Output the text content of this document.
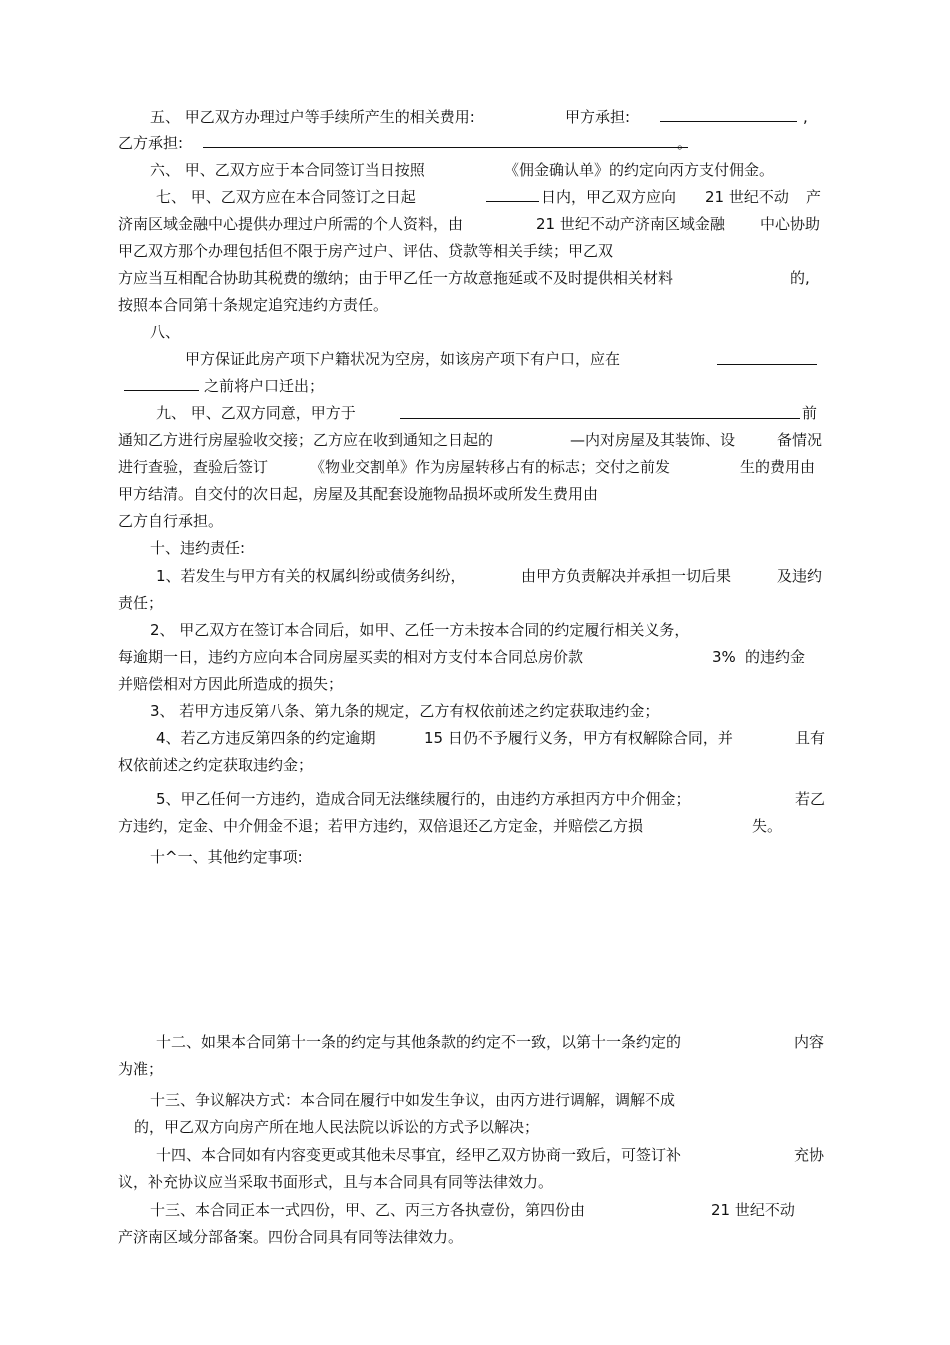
五、 甲乙双方办理过户等手续所产生的相关费用:	甲方承担:	,
乙方承担:	。
六、 甲、乙双方应于本合同签订当日按照	《佣金确认单》的约定向丙方支付佣金。
七、 甲、乙双方应在本合同签订之日起	日内，甲乙双方应向 21 世纪不动 产
济南区域金融中心提供办理过户所需的个人资料，由	21 世纪不动产济南区域金融 中心协助
甲乙双方那个办理包括但不限于房产过户、评估、贷款等相关手续；甲乙双
方应当互相配合协助其税费的缴纳；由于甲乙任一方故意拖延或不及时提供相关材料	的,
按照本合同第十条规定追究违约方责任。
八、
甲方保证此房产项下户籍状况为空房，如该房产项下有户口，应在
之前将户口迁出；
九、 甲、乙双方同意，甲方于	前
通知乙方进行房屋验收交接；乙方应在收到通知之日起的	—内对房屋及其装饰、设	备情况
进行查验，查验后签订	《物业交割单》作为房屋转移占有的标志；交付之前发	生的费用由
甲方结清。自交付的次日起，房屋及其配套设施物品损坏或所发生费用由
乙方自行承担。
十、违约责任:
1、若发生与甲方有关的权属纠纷或债务纠纷，	由甲方负责解决并承担一切后果	及违约
责任；
2、 甲乙双方在签订本合同后，如甲、乙任一方未按本合同的约定履行相关义务，
每逾期一日，违约方应向本合同房屋买卖的相对方支付本合同总房价款	3% 的违约金
并赔偿相对方因此所造成的损失；
3、 若甲方违反第八条、第九条的规定，乙方有权依前述之约定获取违约金；
4、若乙方违反第四条的约定逾期	15 日仍不予履行义务，甲方有权解除合同，并	且有
权依前述之约定获取违约金；
5、甲乙任何一方违约，造成合同无法继续履行的，由违约方承担丙方中介佣金；	若乙
方违约，定金、中介佣金不退；若甲方违约，双倍退还乙方定金，并赔偿乙方损	失。
十^一、其他约定事项:
十二、如果本合同第十一条的约定与其他条款的约定不一致，以第十一条约定的	内容
为准；
十三、争议解决方式：本合同在履行中如发生争议，由丙方进行调解，调解不成
的，甲乙双方向房产所在地人民法院以诉讼的方式予以解决；
十四、本合同如有内容变更或其他未尽事宜，经甲乙双方协商一致后，可签订补	充协
议，补充协议应当采取书面形式，且与本合同具有同等法律效力。
十三、本合同正本一式四份，甲、乙、丙三方各执壹份，第四份由	21 世纪不动
产济南区域分部备案。四份合同具有同等法律效力。
